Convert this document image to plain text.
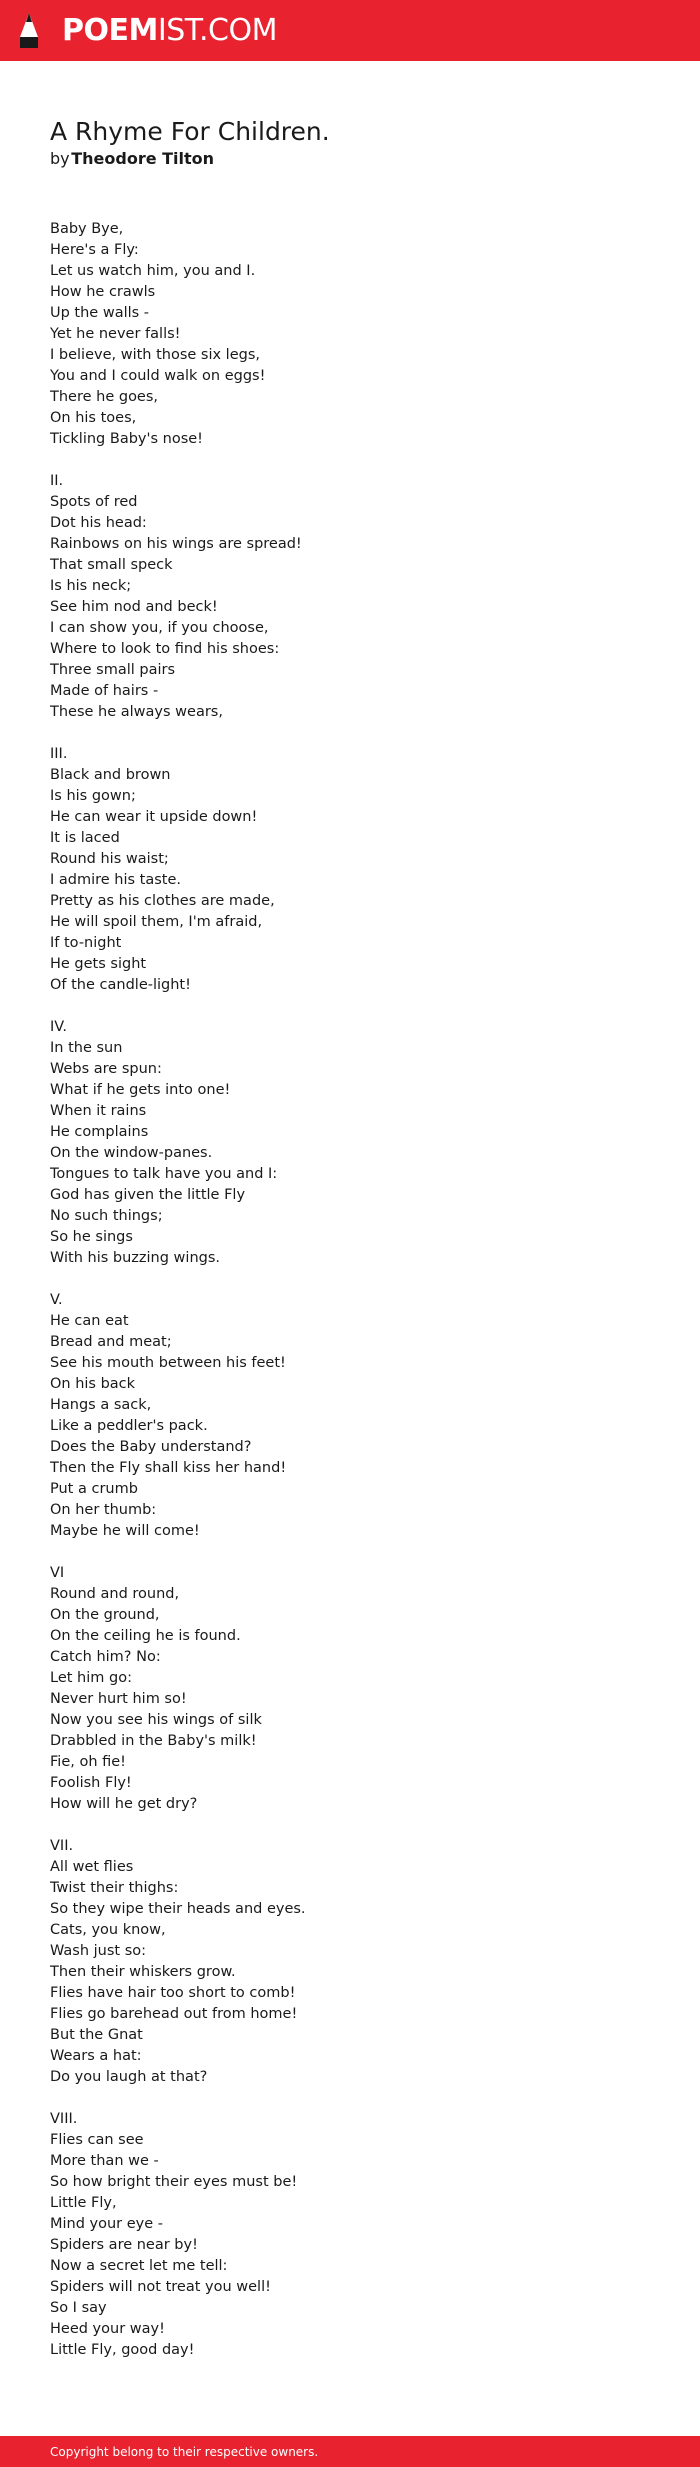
POEMIST.COM
A Rhyme For Children.
by Theodore Tilton
Baby Bye,
Here's a Fly:
Let us watch him, you and I.
How he crawls
Up the walls -
Yet he never falls!
I believe, with those six legs,
You and I could walk on eggs!
There he goes,
On his toes,
Tickling Baby's nose!
II.
Spots of red
Dot his head:
Rainbows on his wings are spread!
That small speck
Is his neck;
See him nod and beck!
I can show you, if you choose,
Where to look to find his shoes:
Three small pairs
Made of hairs -
These he always wears,
III.
Black and brown
Is his gown;
He can wear it upside down!
It is laced
Round his waist;
I admire his taste.
Pretty as his clothes are made,
He will spoil them, I'm afraid,
If to-night
He gets sight
Of the candle-light!
IV.
In the sun
Webs are spun:
What if he gets into one!
When it rains
He complains
On the window-panes.
Tongues to talk have you and I:
God has given the little Fly
No such things;
So he sings
With his buzzing wings.
V.
He can eat
Bread and meat;
See his mouth between his feet!
On his back
Hangs a sack,
Like a peddler's pack.
Does the Baby understand?
Then the Fly shall kiss her hand!
Put a crumb
On her thumb:
Maybe he will come!
VI
Round and round,
On the ground,
On the ceiling he is found.
Catch him? No:
Let him go:
Never hurt him so!
Now you see his wings of silk
Drabbled in the Baby's milk!
Fie, oh fie!
Foolish Fly!
How will he get dry?
VII.
All wet flies
Twist their thighs:
So they wipe their heads and eyes.
Cats, you know,
Wash just so:
Then their whiskers grow.
Flies have hair too short to comb!
Flies go barehead out from home!
But the Gnat
Wears a hat:
Do you laugh at that?
VIII.
Flies can see
More than we -
So how bright their eyes must be!
Little Fly,
Mind your eye -
Spiders are near by!
Now a secret let me tell:
Spiders will not treat you well!
So I say
Heed your way!
Little Fly, good day!
Copyright belong to their respective owners.
